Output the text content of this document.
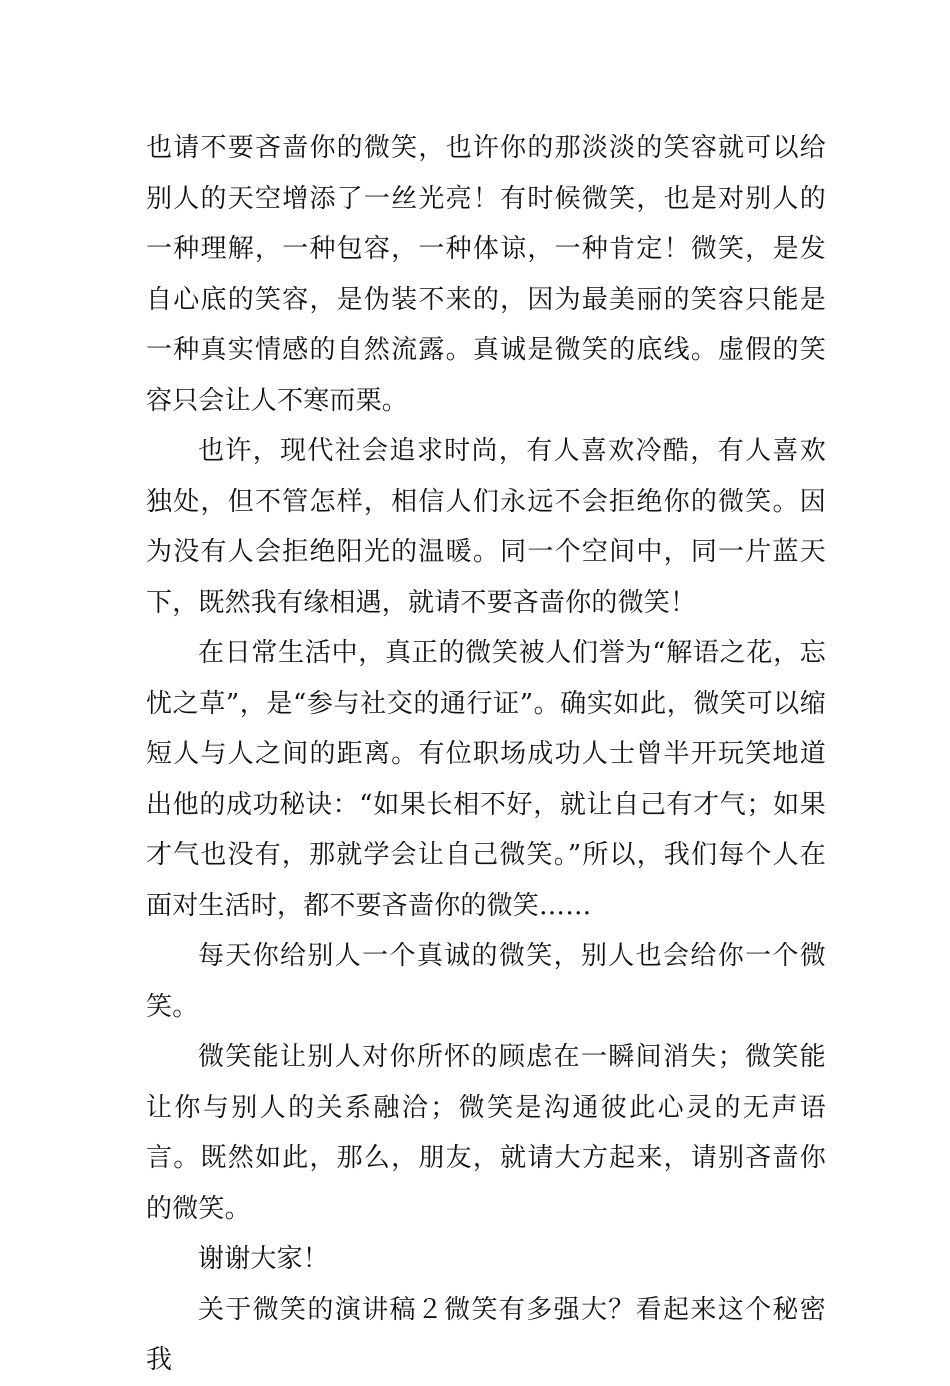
也请不要吝啬你的微笑，也许你的那淡淡的笑容就可以给别人的天空增添了一丝光亮！有时候微笑，也是对别人的一种理解，一种包容，一种体谅，一种肯定！微笑，是发自心底的笑容，是伪装不来的，因为最美丽的笑容只能是一种真实情感的自然流露。真诚是微笑的底线。虚假的笑容只会让人不寒而栗。

也许，现代社会追求时尚，有人喜欢冷酷，有人喜欢独处，但不管怎样，相信人们永远不会拒绝你的微笑。因为没有人会拒绝阳光的温暖。同一个空间中，同一片蓝天下，既然我有缘相遇，就请不要吝啬你的微笑！

在日常生活中，真正的微笑被人们誉为“解语之花，忘忧之草”，是“参与社交的通行证”。确实如此，微笑可以缩短人与人之间的距离。有位职场成功人士曾半开玩笑地道出他的成功秘诀：“如果长相不好，就让自己有才气；如果才气也没有，那就学会让自己微笑。”所以，我们每个人在面对生活时，都不要吝啬你的微笑……

每天你给别人一个真诚的微笑，别人也会给你一个微笑。

微笑能让别人对你所怀的顾虑在一瞬间消失；微笑能让你与别人的关系融洽；微笑是沟通彼此心灵的无声语言。既然如此，那么，朋友，就请大方起来，请别吝啬你的微笑。

谢谢大家！

关于微笑的演讲稿２微笑有多强大？看起来这个秘密我
